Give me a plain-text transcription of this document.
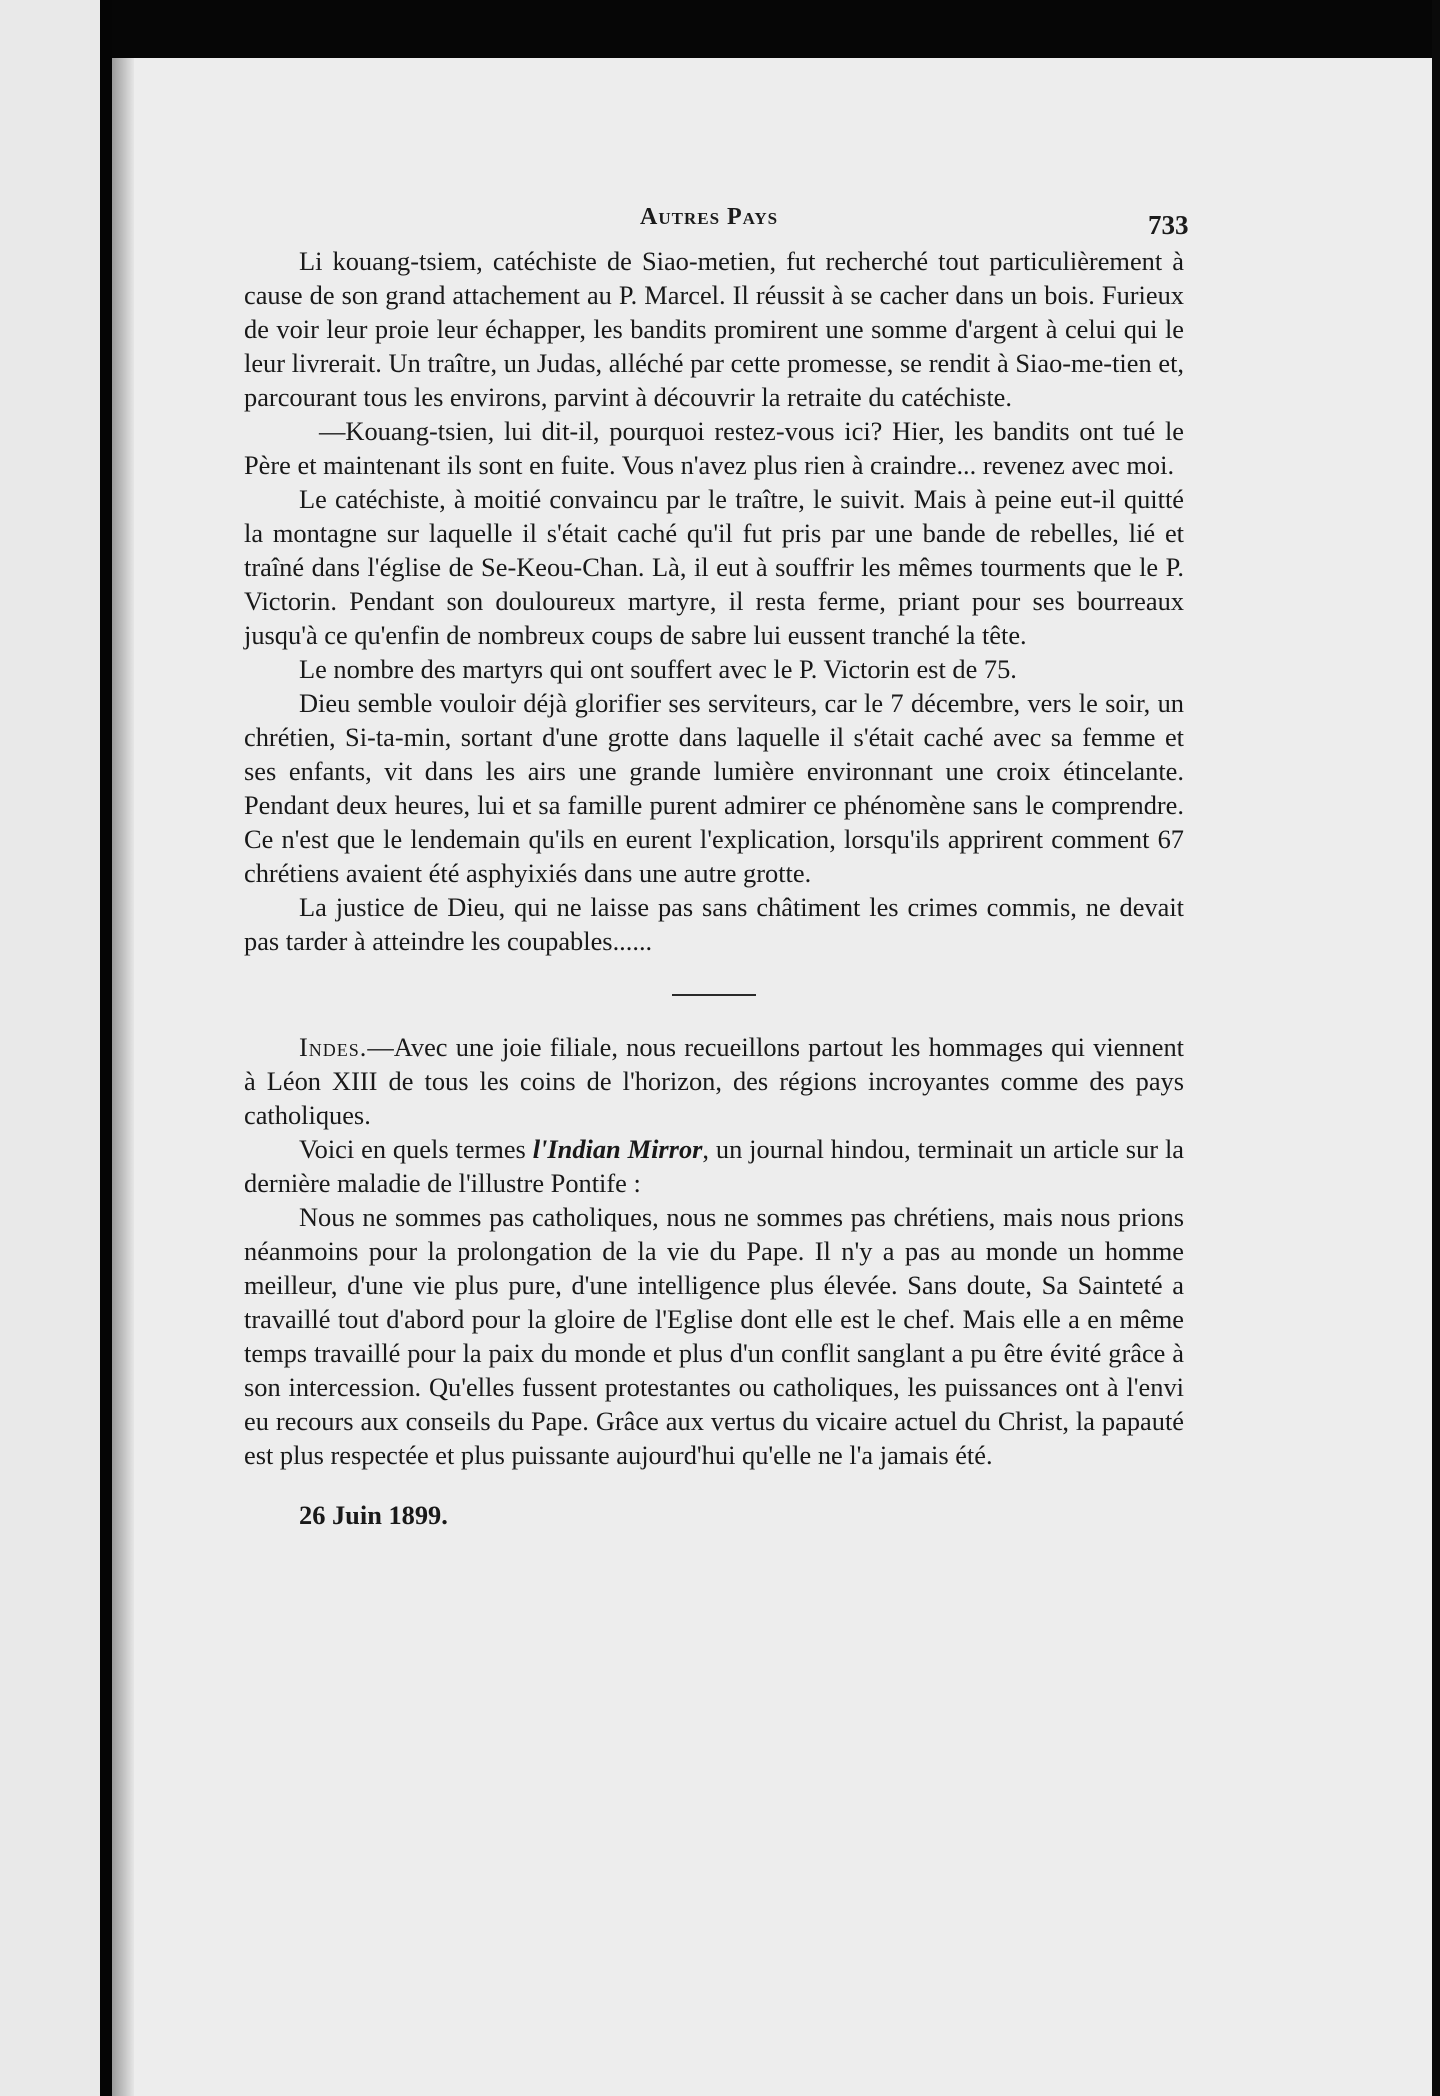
Autres Pays	733

Li kouang-tsiem, catéchiste de Siao-metien, fut recherché tout particulièrement à cause de son grand attachement au P. Marcel. Il réussit à se cacher dans un bois. Furieux de voir leur proie leur échapper, les bandits promirent une somme d'argent à celui qui le leur livrerait. Un traître, un Judas, alléché par cette promesse, se rendit à Siao-me-tien et, parcourant tous les environs, parvint à découvrir la retraite du catéchiste.

—Kouang-tsien, lui dit-il, pourquoi restez-vous ici? Hier, les bandits ont tué le Père et maintenant ils sont en fuite. Vous n'avez plus rien à craindre... revenez avec moi.

Le catéchiste, à moitié convaincu par le traître, le suivit. Mais à peine eut-il quitté la montagne sur laquelle il s'était caché qu'il fut pris par une bande de rebelles, lié et traîné dans l'église de Se-Keou-Chan. Là, il eut à souffrir les mêmes tourments que le P. Victorin. Pendant son douloureux martyre, il resta ferme, priant pour ses bourreaux jusqu'à ce qu'enfin de nombreux coups de sabre lui eussent tranché la tête.

Le nombre des martyrs qui ont souffert avec le P. Victorin est de 75.

Dieu semble vouloir déjà glorifier ses serviteurs, car le 7 décembre, vers le soir, un chrétien, Si-ta-min, sortant d'une grotte dans laquelle il s'était caché avec sa femme et ses enfants, vit dans les airs une grande lumière environnant une croix étincelante. Pendant deux heures, lui et sa famille purent admirer ce phénomène sans le comprendre. Ce n'est que le lendemain qu'ils en eurent l'explication, lorsqu'ils apprirent comment 67 chrétiens avaient été asphyixiés dans une autre grotte.

La justice de Dieu, qui ne laisse pas sans châtiment les crimes commis, ne devait pas tarder à atteindre les coupables......

Indes.—Avec une joie filiale, nous recueillons partout les hommages qui viennent à Léon XIII de tous les coins de l'horizon, des régions incroyantes comme des pays catholiques.

Voici en quels termes l'Indian Mirror, un journal hindou, terminait un article sur la dernière maladie de l'illustre Pontife :

Nous ne sommes pas catholiques, nous ne sommes pas chrétiens, mais nous prions néanmoins pour la prolongation de la vie du Pape. Il n'y a pas au monde un homme meilleur, d'une vie plus pure, d'une intelligence plus élevée. Sans doute, Sa Sainteté a travaillé tout d'abord pour la gloire de l'Eglise dont elle est le chef. Mais elle a en même temps travaillé pour la paix du monde et plus d'un conflit sanglant a pu être évité grâce à son intercession. Qu'elles fussent protestantes ou catholiques, les puissances ont à l'envi eu recours aux conseils du Pape. Grâce aux vertus du vicaire actuel du Christ, la papauté est plus respectée et plus puissante aujourd'hui qu'elle ne l'a jamais été.

26 Juin 1899.
